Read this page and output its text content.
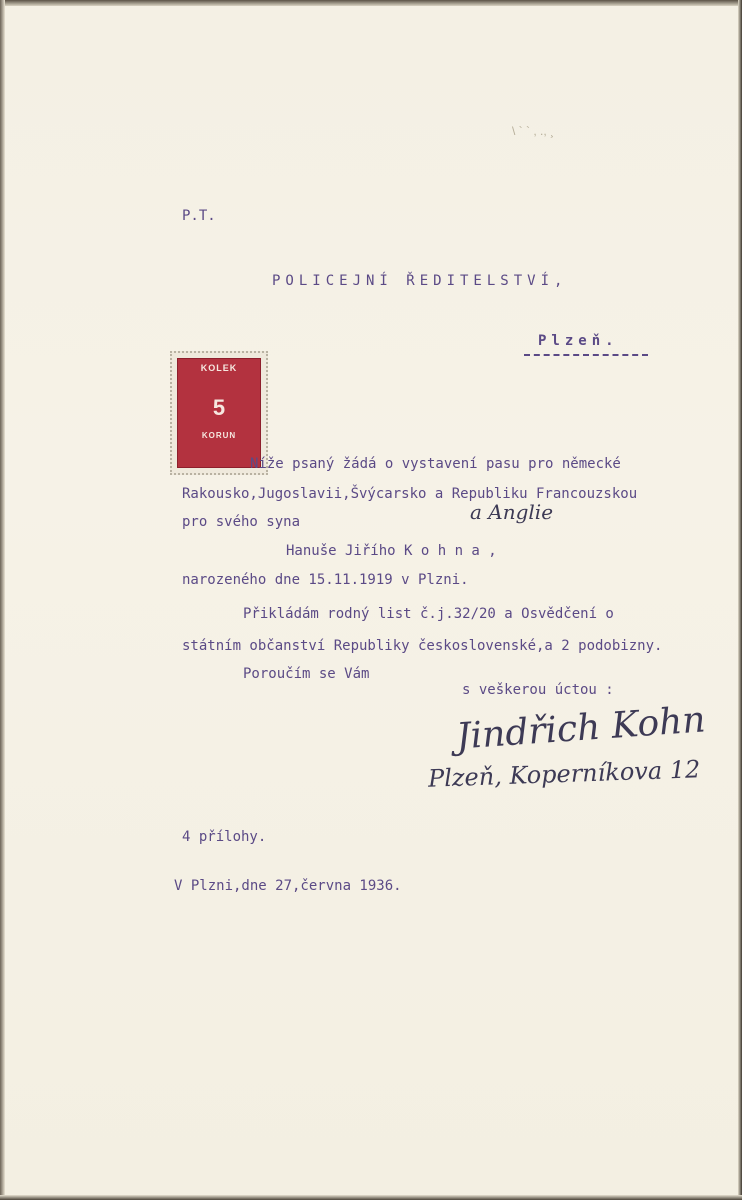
\ ` ` , ., ¸
P.T.
POLICEJNÍ ŘEDITELSTVÍ,
Plzeň.
KOLEK
5
KORUN
Níže psaný žádá o vystavení pasu pro německé
Rakousko,Jugoslavii,Švýcarsko a Republiku Francouzskou
a Anglie
pro svého syna
Hanuše Jiřího K o h n a ,
narozeného dne 15.11.1919 v Plzni.
Přikládám rodný list č.j.32/20 a Osvědčení o
státním občanství Republiky československé,a 2 podobizny.
Poroučím se Vám
s veškerou úctou :
Jindřich Kohn
Plzeň, Koperníkova 12
4 přílohy.
V Plzni,dne 27,června 1936.
